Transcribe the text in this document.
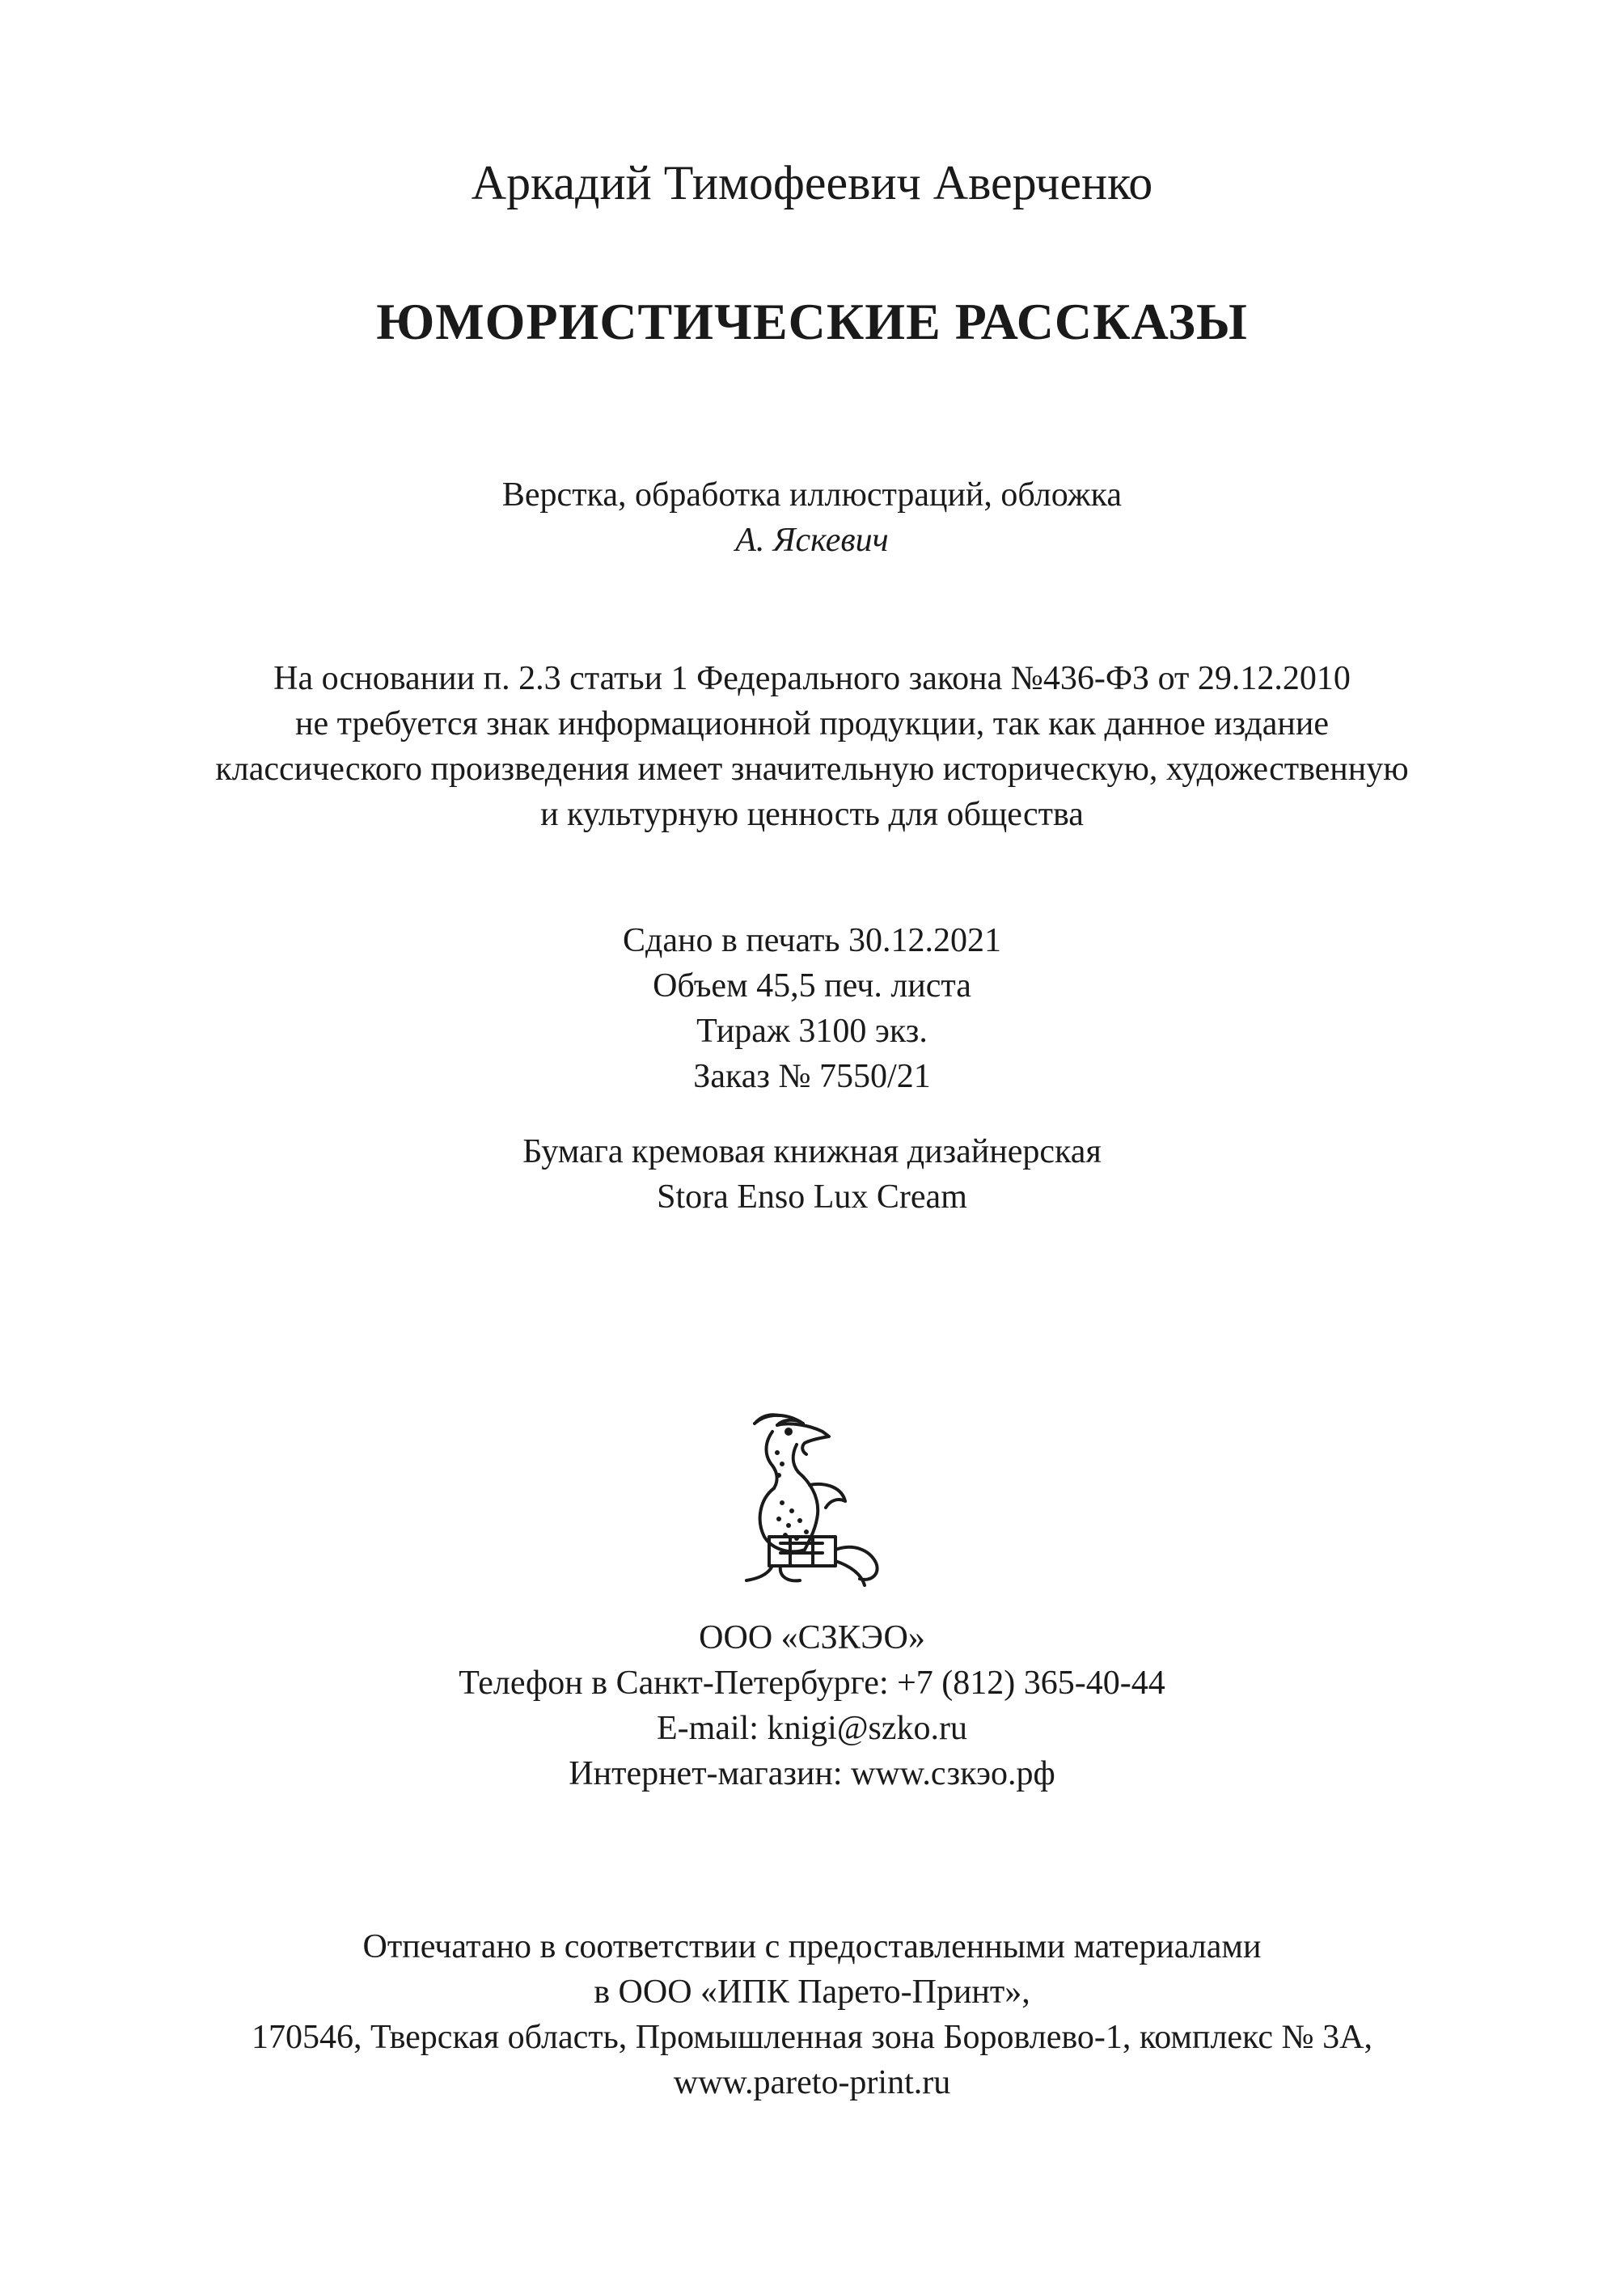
Аркадий Тимофеевич Аверченко
ЮМОРИСТИЧЕСКИЕ РАССКАЗЫ
Верстка, обработка иллюстраций, обложка
А. Яскевич
На основании п. 2.3 статьи 1 Федерального закона №436-ФЗ от 29.12.2010
не требуется знак информационной продукции, так как данное издание
классического произведения имеет значительную историческую, художественную
и культурную ценность для общества
Сдано в печать 30.12.2021
Объем 45,5 печ. листа
Тираж 3100 экз.
Заказ № 7550/21
Бумага кремовая книжная дизайнерская
Stora Enso Lux Cream
ООО «СЗКЭО»
Телефон в Санкт-Петербурге: +7 (812) 365-40-44
E-mail: knigi@szko.ru
Интернет-магазин: www.сзкэо.рф
Отпечатано в соответствии с предоставленными материалами
в ООО «ИПК Парето-Принт»,
170546, Тверская область, Промышленная зона Боровлево-1, комплекс № 3А,
www.pareto-print.ru
